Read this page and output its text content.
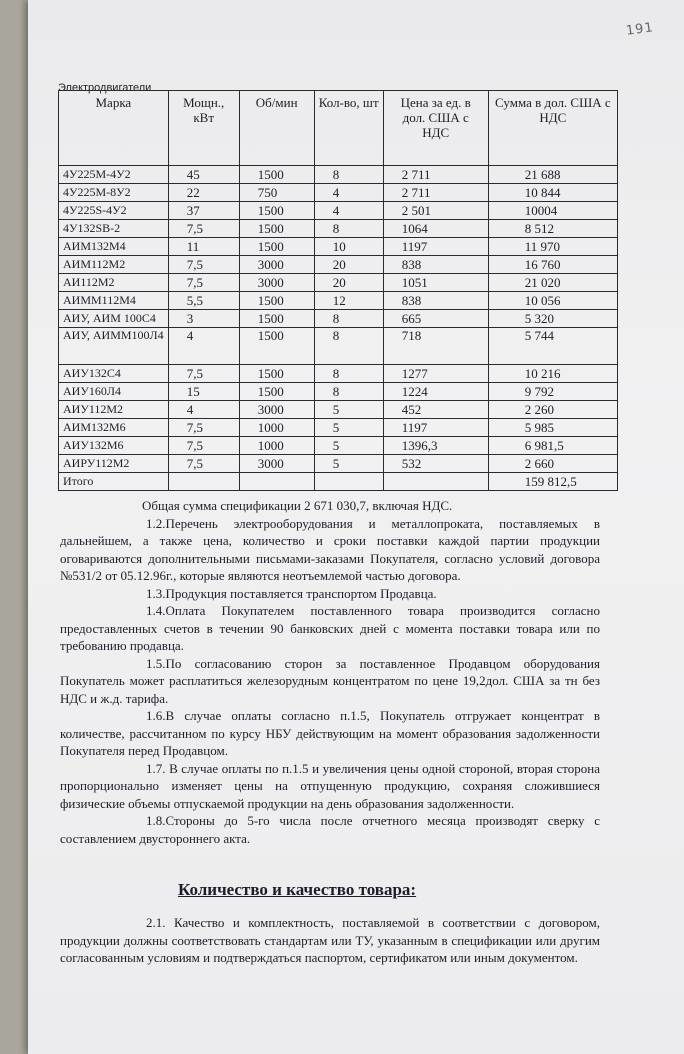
191
Электродвигатели
Марка	Мощн., кВт	Об/мин	Кол-во, шт	Цена за ед. в дол. США с НДС	Сумма в дол. США с НДС
4У225М-4У2	45	1500	8	2 711	21 688
4У225М-8У2	22	750	4	2 711	10 844
4У225S-4У2	37	1500	4	2 501	10004
4У132SВ-2	7,5	1500	8	1064	8 512
АИМ132М4	11	1500	10	1197	11 970
АИМ112М2	7,5	3000	20	838	16 760
АИ112М2	7,5	3000	20	1051	21 020
АИММ112М4	5,5	1500	12	838	10 056
АИУ, АИМ 100С4	3	1500	8	665	5 320
АИУ, АИММ100Л4	4	1500	8	718	5 744
АИУ132С4	7,5	1500	8	1277	10 216
АИУ160Л4	15	1500	8	1224	9 792
АИУ112М2	4	3000	5	452	2 260
АИМ132М6	7,5	1000	5	1197	5 985
АИУ132М6	7,5	1000	5	1396,3	6 981,5
АИРУ112М2	7,5	3000	5	532	2 660
Итого					159 812,5

Общая сумма спецификации 2 671 030,7, включая НДС.

1.2.Перечень электрооборудования и металлопроката, поставляемых в дальнейшем, а также цена, количество и сроки поставки каждой партии продукции оговариваются дополнительными письмами-заказами Покупателя, согласно условий договора №531/2 от 05.12.96г., которые являются неотъемлемой частью договора.

1.3.Продукция поставляется транспортом Продавца.

1.4.Оплата Покупателем поставленного товара производится согласно предоставленных счетов в течении 90 банковских дней с момента поставки товара или по требованию продавца.

1.5.По согласованию сторон за поставленное Продавцом оборудования Покупатель может расплатиться железорудным концентратом по цене 19,2дол. США за тн без НДС и ж.д. тарифа.

1.6.В случае оплаты согласно п.1.5, Покупатель отгружает концентрат в количестве, рассчитанном по курсу НБУ действующим на момент образования задолженности Покупателя перед Продавцом.

1.7. В случае оплаты по п.1.5 и увеличения цены одной стороной, вторая сторона пропорционально изменяет цены на отпущенную продукцию, сохраняя сложившиеся физические объемы отпускаемой продукции на день образования задолженности.

1.8.Стороны до 5-го числа после отчетного месяца производят сверку с составлением двустороннего акта.

Количество и качество товара:

2.1. Качество и комплектность, поставляемой в соответствии с договором, продукции должны соответствовать стандартам или ТУ, указанным в спецификации или другим согласованным условиям и подтверждаться паспортом, сертификатом или иным документом.
